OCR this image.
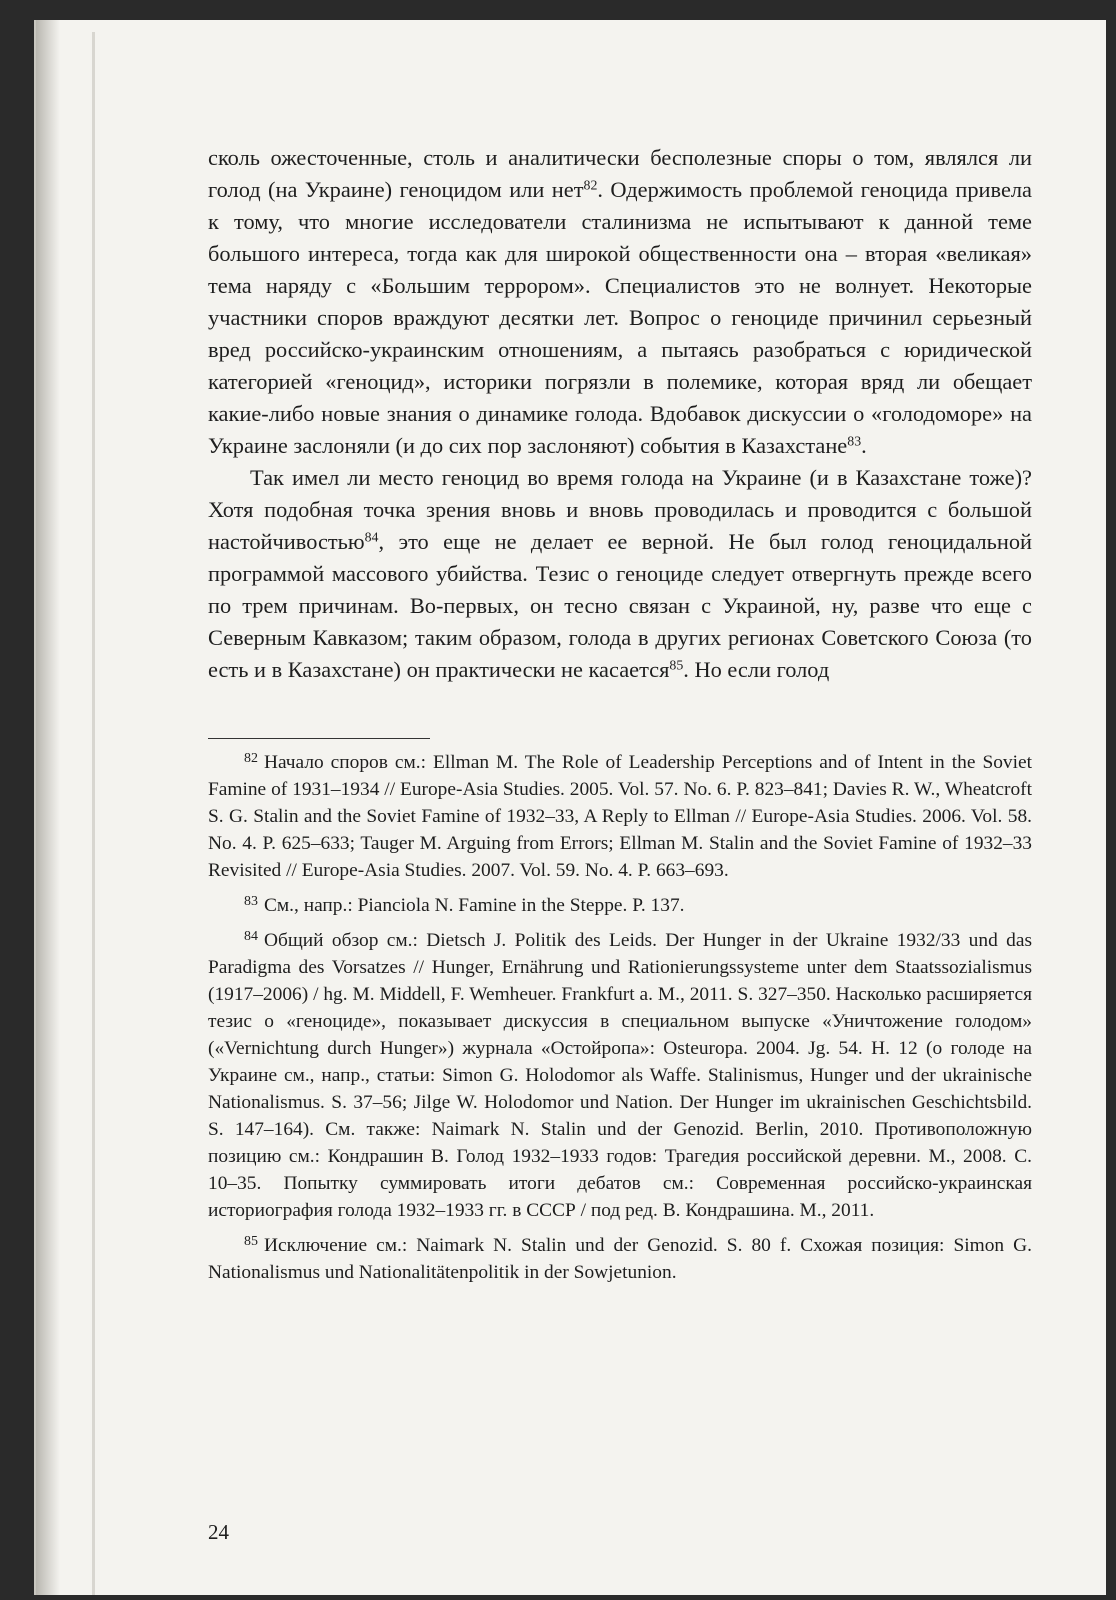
сколь ожесточенные, столь и аналитически бесполезные споры о том, являлся ли голод (на Украине) геноцидом или нет$^{82}$. Одержимость проблемой геноцида привела к тому, что многие исследователи сталинизма не испытывают к данной теме большого интереса, тогда как для широкой общественности она – вторая «великая» тема наряду с «Большим террором». Специалистов это не волнует. Некоторые участники споров враждуют десятки лет. Вопрос о геноциде причинил серьезный вред российско-украинским отношениям, а пытаясь разобраться с юридической категорией «геноцид», историки погрязли в полемике, которая вряд ли обещает какие-либо новые знания о динамике голода. Вдобавок дискуссии о «голодоморе» на Украине заслоняли (и до сих пор заслоняют) события в Казахстане$^{83}$.

Так имел ли место геноцид во время голода на Украине (и в Казахстане тоже)? Хотя подобная точка зрения вновь и вновь проводилась и проводится с большой настойчивостью$^{84}$, это еще не делает ее верной. Не был голод геноцидальной программой массового убийства. Тезис о геноциде следует отвергнуть прежде всего по трем причинам. Во-первых, он тесно связан с Украиной, ну, разве что еще с Северным Кавказом; таким образом, голода в других регионах Советского Союза (то есть и в Казахстане) он практически не касается$^{85}$. Но если голод

$^{82}$ Начало споров см.: Ellman M. The Role of Leadership Perceptions and of Intent in the Soviet Famine of 1931–1934 // Europe-Asia Studies. 2005. Vol. 57. No. 6. P. 823–841; Davies R. W., Wheatcroft S. G. Stalin and the Soviet Famine of 1932–33, A Reply to Ellman // Europe-Asia Studies. 2006. Vol. 58. No. 4. P. 625–633; Tauger M. Arguing from Errors; Ellman M. Stalin and the Soviet Famine of 1932–33 Revisited // Europe-Asia Studies. 2007. Vol. 59. No. 4. P. 663–693.

$^{83}$ См., напр.: Pianciola N. Famine in the Steppe. P. 137.

$^{84}$ Общий обзор см.: Dietsch J. Politik des Leids. Der Hunger in der Ukraine 1932/33 und das Paradigma des Vorsatzes // Hunger, Ernährung und Rationierungssysteme unter dem Staatssozialismus (1917–2006) / hg. M. Middell, F. Wemheuer. Frankfurt a. M., 2011. S. 327–350. Насколько расширяется тезис о «геноциде», показывает дискуссия в специальном выпуске «Уничтожение голодом» («Vernichtung durch Hunger») журнала «Остойропа»: Osteuropa. 2004. Jg. 54. H. 12 (о голоде на Украине см., напр., статьи: Simon G. Holodomor als Waffe. Stalinismus, Hunger und der ukrainische Nationalismus. S. 37–56; Jilge W. Holodomor und Nation. Der Hunger im ukrainischen Geschichtsbild. S. 147–164). См. также: Naimark N. Stalin und der Genozid. Berlin, 2010. Противоположную позицию см.: Кондрашин В. Голод 1932–1933 годов: Трагедия российской деревни. М., 2008. С. 10–35. Попытку суммировать итоги дебатов см.: Современная российско-украинская историография голода 1932–1933 гг. в СССР / под ред. В. Кондрашина. М., 2011.

$^{85}$ Исключение см.: Naimark N. Stalin und der Genozid. S. 80 f. Схожая позиция: Simon G. Nationalismus und Nationalitätenpolitik in der Sowjetunion.

24
